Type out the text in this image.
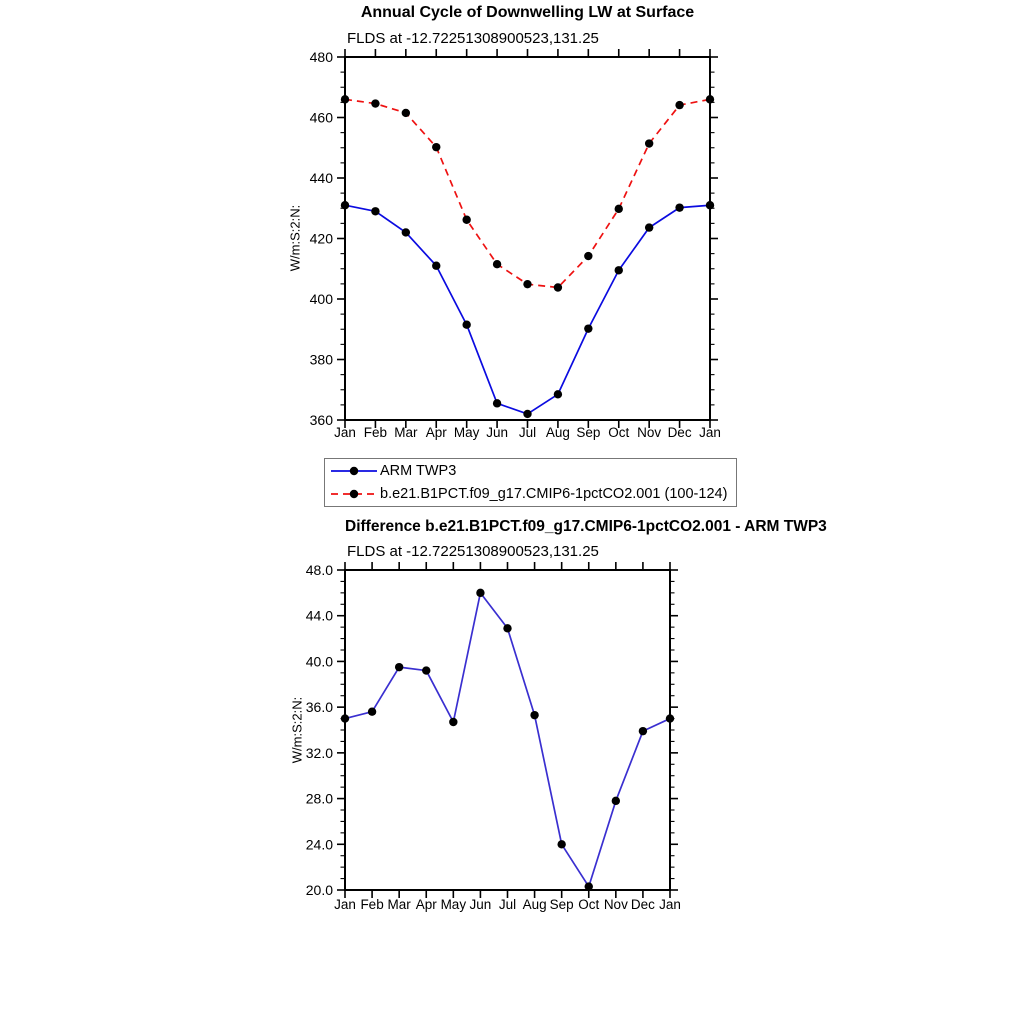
Annual Cycle of Downwelling LW at Surface
FLDS at -12.72251308900523,131.25
W/m:S:2:N:
Jan Feb Mar Apr May Jun Jul Aug Sep Oct Nov Dec Jan
360
380
400
420
440
460
480
ARM TWP3
b.e21.B1PCT.f09_g17.CMIP6-1pctCO2.001 (100-124)
Difference b.e21.B1PCT.f09_g17.CMIP6-1pctCO2.001 - ARM TWP3
FLDS at -12.72251308900523,131.25
W/m:S:2:N:
Jan Feb Mar Apr May Jun Jul Aug Sep Oct Nov Dec Jan
20.0
24.0
28.0
32.0
36.0
40.0
44.0
48.0
